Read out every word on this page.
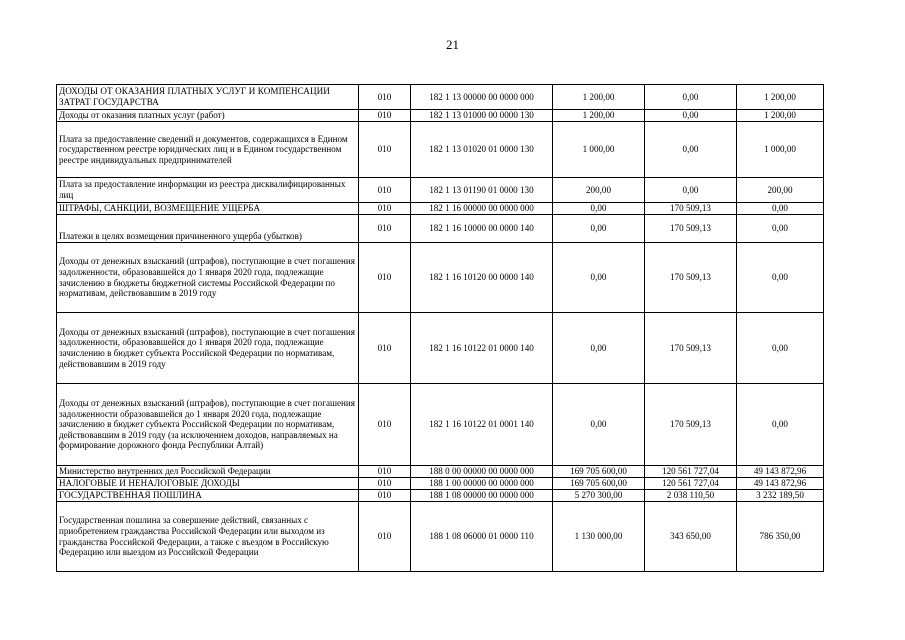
21
ДОХОДЫ ОТ ОКАЗАНИЯ ПЛАТНЫХ УСЛУГ И КОМПЕНСАЦИИ ЗАТРАТ ГОСУДАРСТВА	010	182 1 13 00000 00 0000 000	1 200,00	0,00	1 200,00
Доходы от оказания платных услуг (работ)	010	182 1 13 01000 00 0000 130	1 200,00	0,00	1 200,00
Плата за предоставление сведений и документов, содержащихся в Едином государственном реестре юридических лиц и в Едином государственном реестре индивидуальных предпринимателей	010	182 1 13 01020 01 0000 130	1 000,00	0,00	1 000,00
Плата за предоставление информации из реестра дисквалифицированных лиц	010	182 1 13 01190 01 0000 130	200,00	0,00	200,00
ШТРАФЫ, САНКЦИИ, ВОЗМЕЩЕНИЕ УЩЕРБА	010	182 1 16 00000 00 0000 000	0,00	170 509,13	0,00
Платежи в целях возмещения причиненного ущерба (убытков)	010	182 1 16 10000 00 0000 140	0,00	170 509,13	0,00
Доходы от денежных взысканий (штрафов), поступающие в счет погашения задолженности, образовавшейся до 1 января 2020 года, подлежащие зачислению в бюджеты бюджетной системы Российской Федерации по нормативам, действовавшим в 2019 году	010	182 1 16 10120 00 0000 140	0,00	170 509,13	0,00
Доходы от денежных взысканий (штрафов), поступающие в счет погашения задолженности, образовавшейся до 1 января 2020 года, подлежащие зачислению в бюджет субъекта Российской Федерации по нормативам, действовавшим в 2019 году	010	182 1 16 10122 01 0000 140	0,00	170 509,13	0,00
Доходы от денежных взысканий (штрафов), поступающие в счет погашения задолженности образовавшейся до 1 января 2020 года, подлежащие зачислению в бюджет субъекта Российской Федерации по нормативам, действовавшим в 2019 году (за исключением доходов, направляемых на формирование дорожного фонда Республики Алтай)	010	182 1 16 10122 01 0001 140	0,00	170 509,13	0,00
Министерство внутренних дел Российской Федерации	010	188 0 00 00000 00 0000 000	169 705 600,00	120 561 727,04	49 143 872,96
НАЛОГОВЫЕ И НЕНАЛОГОВЫЕ ДОХОДЫ	010	188 1 00 00000 00 0000 000	169 705 600,00	120 561 727,04	49 143 872,96
ГОСУДАРСТВЕННАЯ ПОШЛИНА	010	188 1 08 00000 00 0000 000	5 270 300,00	2 038 110,50	3 232 189,50
Государственная пошлина за совершение действий, связанных с приобретением гражданства Российской Федерации или выходом из гражданства Российской Федерации, а также с въездом в Российскую Федерацию или выездом из Российской Федерации	010	188 1 08 06000 01 0000 110	1 130 000,00	343 650,00	786 350,00
